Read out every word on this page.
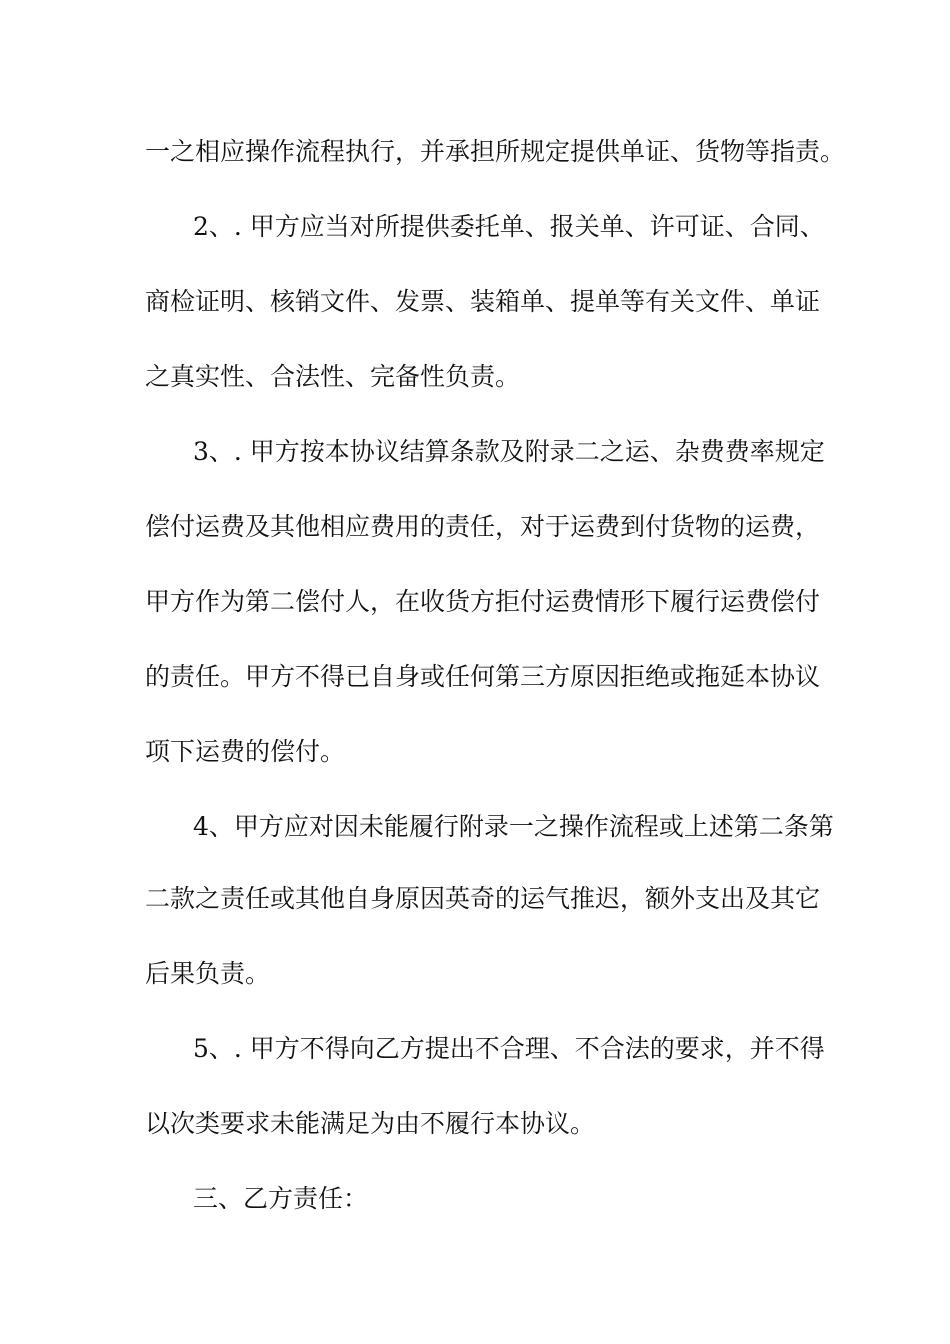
一之相应操作流程执行，并承担所规定提供单证、货物等指责。

2、. 甲方应当对所提供委托单、报关单、许可证、合同、

商检证明、核销文件、发票、装箱单、提单等有关文件、单证

之真实性、合法性、完备性负责。

3、. 甲方按本协议结算条款及附录二之运、杂费费率规定

偿付运费及其他相应费用的责任，对于运费到付货物的运费，

甲方作为第二偿付人，在收货方拒付运费情形下履行运费偿付

的责任。甲方不得已自身或任何第三方原因拒绝或拖延本协议

项下运费的偿付。

4、甲方应对因未能履行附录一之操作流程或上述第二条第

二款之责任或其他自身原因英奇的运气推迟，额外支出及其它

后果负责。

5、. 甲方不得向乙方提出不合理、不合法的要求，并不得

以次类要求未能满足为由不履行本协议。

三、乙方责任：
